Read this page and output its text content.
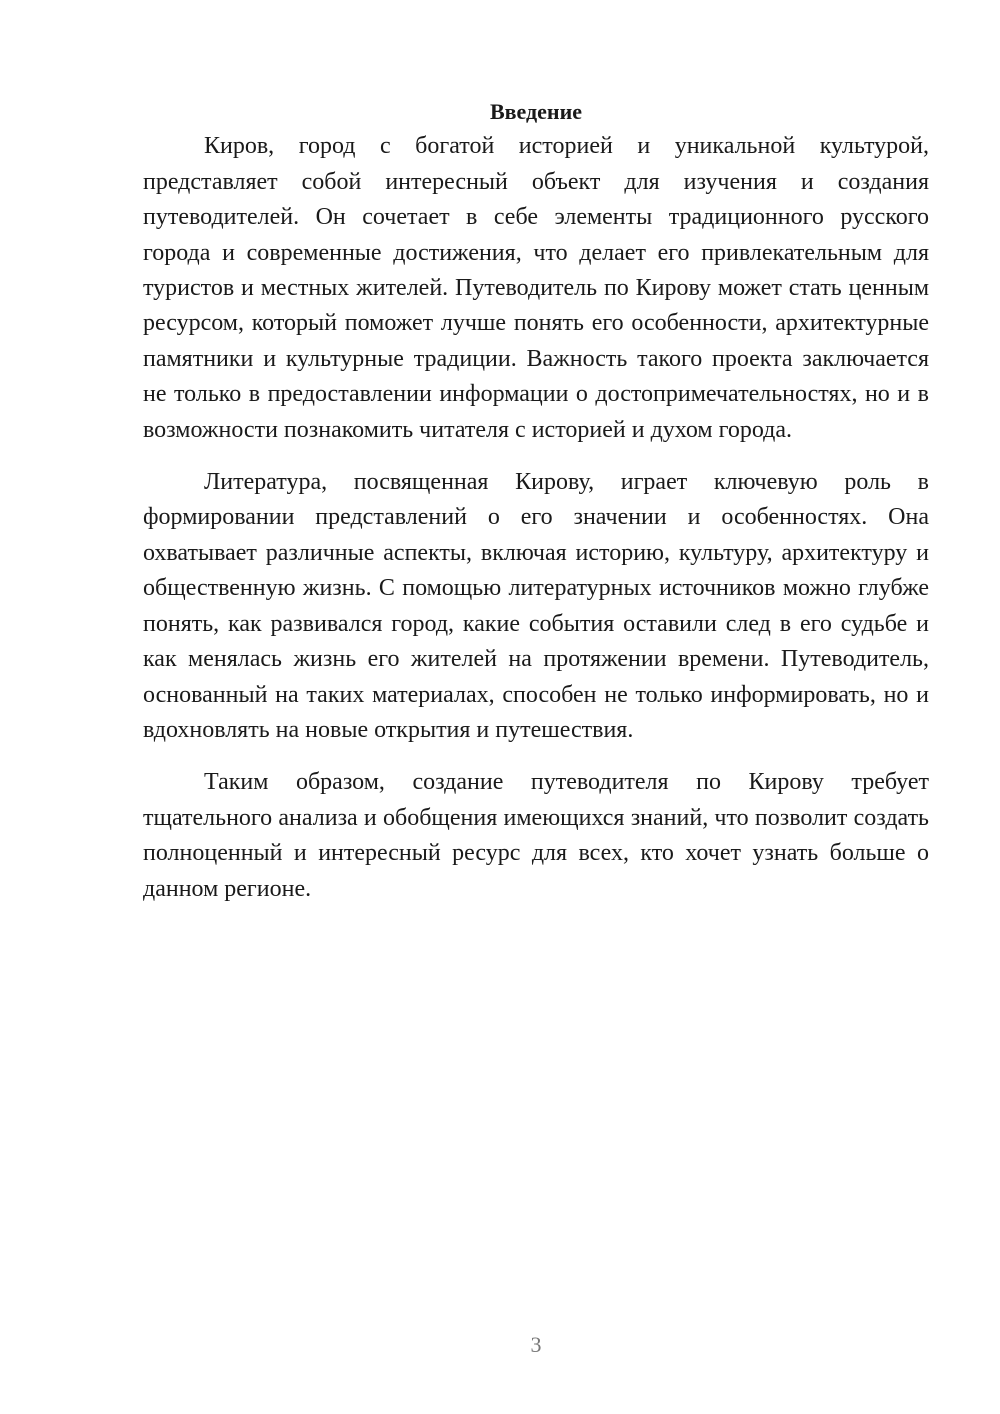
Введение

Киров, город с богатой историей и уникальной культурой, представляет собой интересный объект для изучения и создания путеводителей. Он сочетает в себе элементы традиционного русского города и современные достижения, что делает его привлекательным для туристов и местных жителей. Путеводитель по Кирову может стать ценным ресурсом, который поможет лучше понять его особенности, архитектурные памятники и культурные традиции. Важность такого проекта заключается не только в предоставлении информации о достопримечательностях, но и в возможности познакомить читателя с историей и духом города.

Литература, посвященная Кирову, играет ключевую роль в формировании представлений о его значении и особенностях. Она охватывает различные аспекты, включая историю, культуру, архитектуру и общественную жизнь. С помощью литературных источников можно глубже понять, как развивался город, какие события оставили след в его судьбе и как менялась жизнь его жителей на протяжении времени. Путеводитель, основанный на таких материалах, способен не только информировать, но и вдохновлять на новые открытия и путешествия.

Таким образом, создание путеводителя по Кирову требует тщательного анализа и обобщения имеющихся знаний, что позволит создать полноценный и интересный ресурс для всех, кто хочет узнать больше о данном регионе.

3
